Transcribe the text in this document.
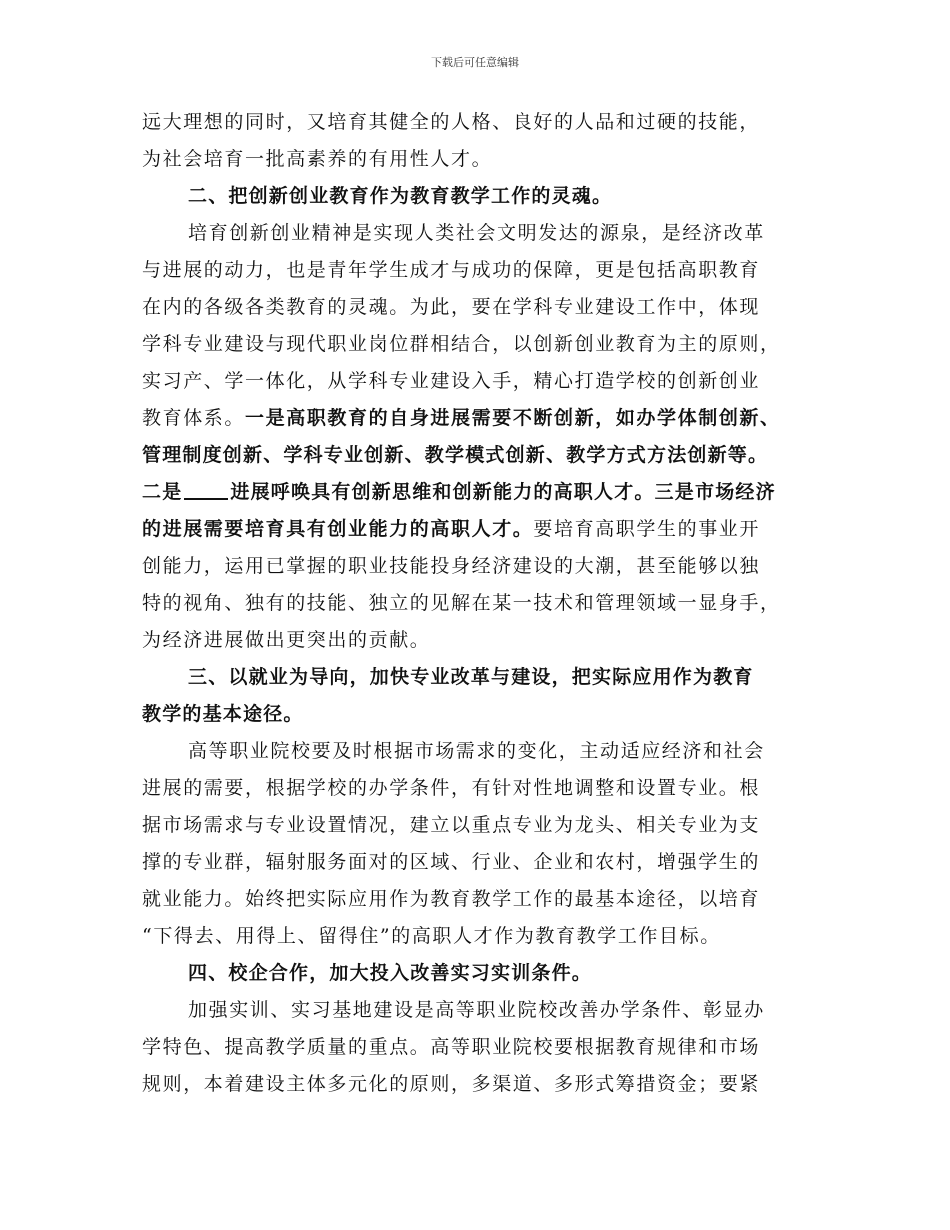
下载后可任意编辑
远大理想的同时，又培育其健全的人格、良好的人品和过硬的技能，
为社会培育一批高素养的有用性人才。
二、把创新创业教育作为教育教学工作的灵魂。
培育创新创业精神是实现人类社会文明发达的源泉，是经济改革
与进展的动力，也是青年学生成才与成功的保障，更是包括高职教育
在内的各级各类教育的灵魂。为此，要在学科专业建设工作中，体现
学科专业建设与现代职业岗位群相结合，以创新创业教育为主的原则，
实习产、学一体化，从学科专业建设入手，精心打造学校的创新创业
教育体系。一是高职教育的自身进展需要不断创新，如办学体制创新、
管理制度创新、学科专业创新、教学模式创新、教学方式方法创新等。
二是	进展呼唤具有创新思维和创新能力的高职人才。三是市场经济
的进展需要培育具有创业能力的高职人才。要培育高职学生的事业开
创能力，运用已掌握的职业技能投身经济建设的大潮，甚至能够以独
特的视角、独有的技能、独立的见解在某一技术和管理领域一显身手，
为经济进展做出更突出的贡献。
三、以就业为导向，加快专业改革与建设，把实际应用作为教育
教学的基本途径。
高等职业院校要及时根据市场需求的变化，主动适应经济和社会
进展的需要，根据学校的办学条件，有针对性地调整和设置专业。根
据市场需求与专业设置情况，建立以重点专业为龙头、相关专业为支
撑的专业群，辐射服务面对的区域、行业、企业和农村，增强学生的
就业能力。始终把实际应用作为教育教学工作的最基本途径，以培育
“下得去、用得上、留得住”的高职人才作为教育教学工作目标。
四、校企合作，加大投入改善实习实训条件。
加强实训、实习基地建设是高等职业院校改善办学条件、彰显办
学特色、提高教学质量的重点。高等职业院校要根据教育规律和市场
规则，本着建设主体多元化的原则，多渠道、多形式筹措资金；要紧
